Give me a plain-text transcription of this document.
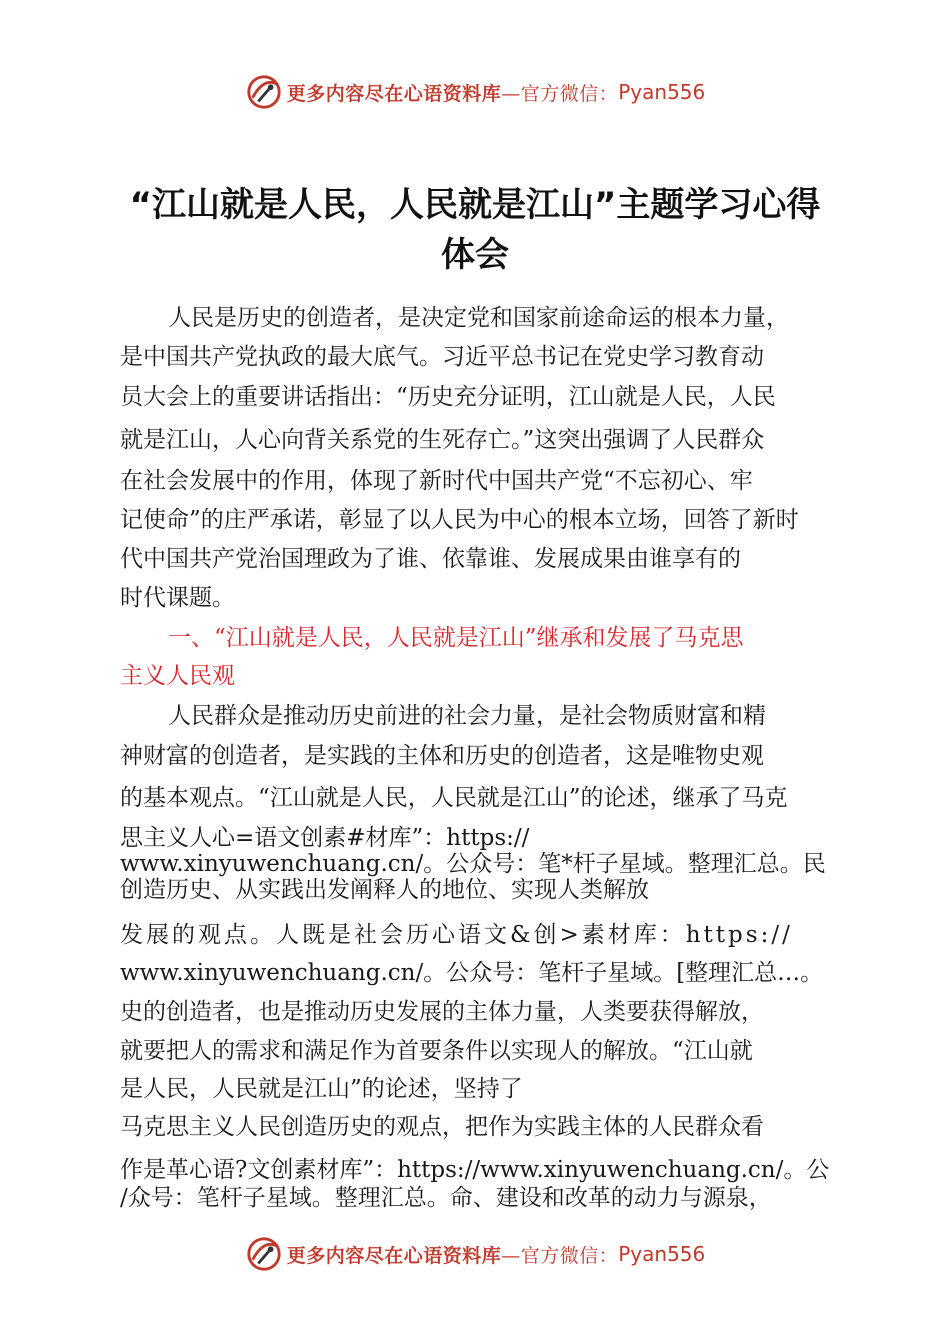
更多内容尽在心语资料库 —官方微信： Pyan556
“江山就是人民，人民就是江山”主题学习心得
体会
人民是历史的创造者，是决定党和国家前途命运的根本力量，
是中国共产党执政的最大底气。习近平总书记在党史学习教育动
员大会上的重要讲话指出：“历史充分证明，江山就是人民，人民
就是江山，人心向背关系党的生死存亡。”这突出强调了人民群众
在社会发展中的作用，体现了新时代中国共产党“不忘初心、牢
记使命”的庄严承诺，彰显了以人民为中心的根本立场，回答了新时
代中国共产党治国理政为了谁、依靠谁、发展成果由谁享有的
时代课题。
一、“江山就是人民，人民就是江山”继承和发展了马克思
主义人民观
人民群众是推动历史前进的社会力量，是社会物质财富和精
神财富的创造者，是实践的主体和历史的创造者，这是唯物史观
的基本观点。“江山就是人民，人民就是江山”的论述，继承了马克
思主义人心=语文创素#材库”：https://
www.xinyuwenchuang.cn/。公众号：笔*杆子星域。整理汇总。民
创造历史、从实践出发阐释人的地位、实现人类解放
发展的观点。人既是社会历心语文&创>素材库：https://
www.xinyuwenchuang.cn/。公众号：笔杆子星域。[整理汇总…。
史的创造者，也是推动历史发展的主体力量，人类要获得解放，
就要把人的需求和满足作为首要条件以实现人的解放。“江山就
是人民，人民就是江山”的论述，坚持了
马克思主义人民创造历史的观点，把作为实践主体的人民群众看
作是革心语?文创素材库”：https://www.xinyuwenchuang.cn/。公
/众号：笔杆子星域。整理汇总。命、建设和改革的动力与源泉，
更多内容尽在心语资料库 —官方微信： Pyan556
